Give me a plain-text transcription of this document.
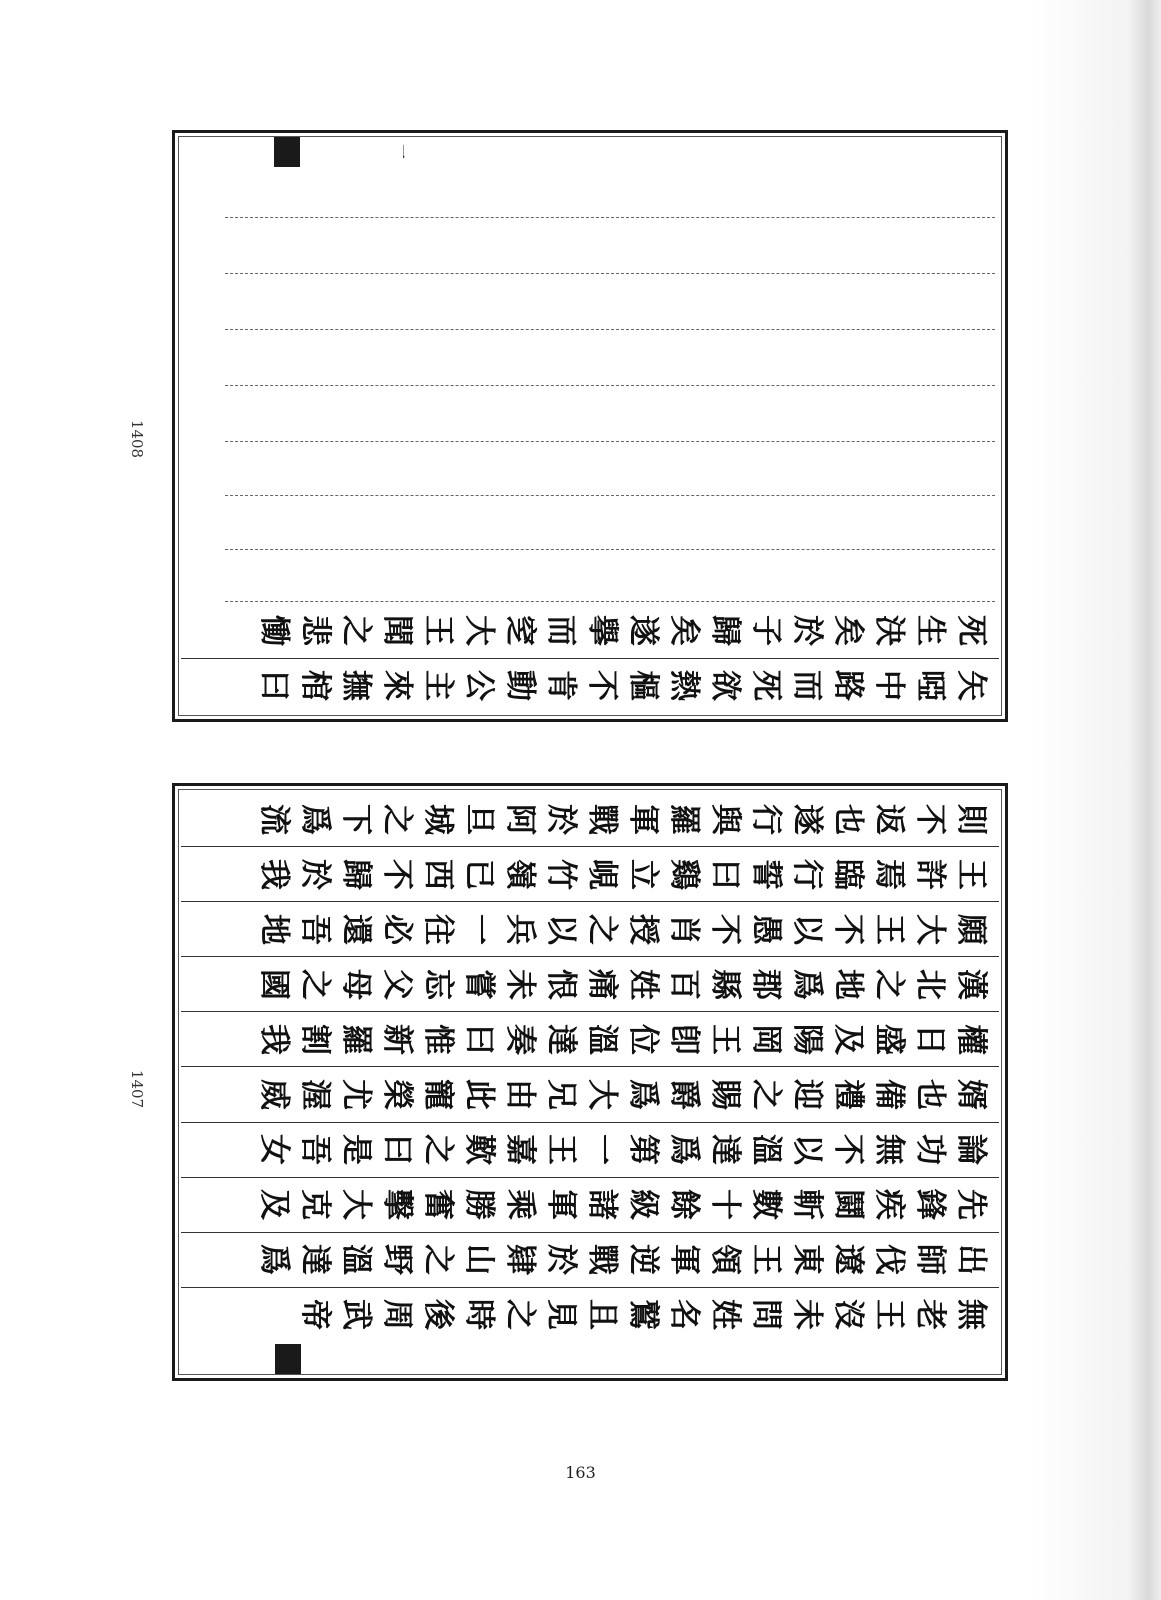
1408
1407
一
死
生
決
矣
於
子
歸
矣
遂
擧
而
窆
大
王
聞
之
悲
慟
矢
啞
中
路
而
死
欲
熱
樞
不
肯
動
公
主
來
撫
棺
曰
則
不
返
也
遂
行
與
羅
軍
戰
於
阿
旦
城
之
下
爲
流
王
許
焉
臨
行
誓
曰
鷄
立
峴
竹
嶺
已
西
不
歸
於
我
願
大
王
不
以
愚
不
肖
授
之
以
兵
一
往
必
還
吾
地
漢
北
之
地
爲
郡
縣
百
姓
痛
恨
未
嘗
忘
父
母
之
國
權
日
盛
及
陽
岡
王
卽
位
溫
達
奏
曰
惟
新
羅
割
我
婿
也
備
禮
迎
之
賜
爵
爲
大
兄
由
此
寵
榮
尤
渥
威
論
功
無
不
以
溫
達
爲
第
一
王
嘉
歎
之
曰
是
吾
女
先
鋒
疾
鬪
斬
數
十
餘
級
諸
軍
乘
勝
奮
擊
大
克
及
出
師
伐
遼
東
王
領
軍
逆
戰
於
肄
山
之
野
溫
達
爲
無
老
王
沒
未
問
姓
名
鷲
且
見
之
時
後
周
武
帝
163
